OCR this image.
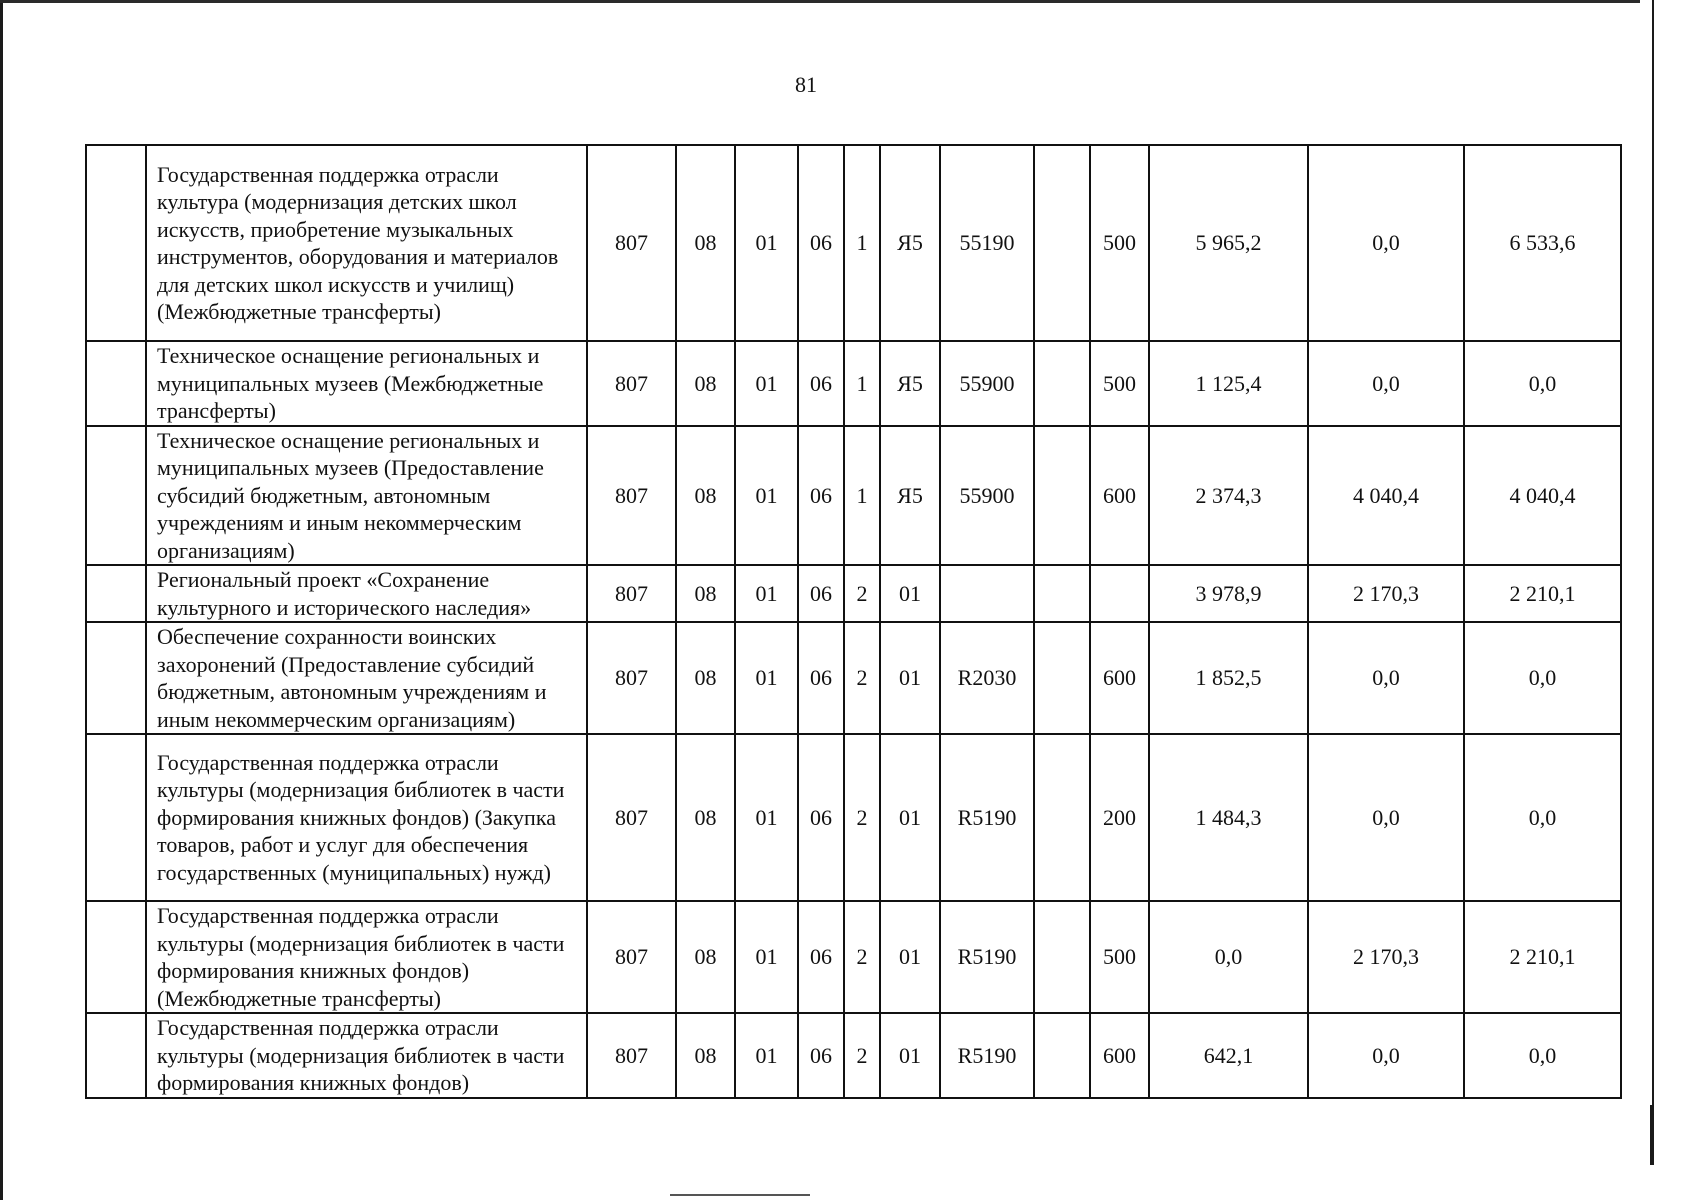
81
	Государственная поддержка отрасли культура (модернизация детских школ искусств, приобретение музыкальных инструментов, оборудования и материалов для детских школ искусств и училищ) (Межбюджетные трансферты)	807	08	01	06	1	Я5	55190		500	5 965,2	0,0	6 533,6
	Техническое оснащение региональных и муниципальных музеев (Межбюджетные трансферты)	807	08	01	06	1	Я5	55900		500	1 125,4	0,0	0,0
	Техническое оснащение региональных и муниципальных музеев (Предоставление субсидий бюджетным, автономным учреждениям и иным некоммерческим организациям)	807	08	01	06	1	Я5	55900		600	2 374,3	4 040,4	4 040,4
	Региональный проект «Сохранение культурного и исторического наследия»	807	08	01	06	2	01				3 978,9	2 170,3	2 210,1
	Обеспечение сохранности воинских захоронений (Предоставление субсидий бюджетным, автономным учреждениям и иным некоммерческим организациям)	807	08	01	06	2	01	R2030		600	1 852,5	0,0	0,0
	Государственная поддержка отрасли культуры (модернизация библиотек в части формирования книжных фондов) (Закупка товаров, работ и услуг для обеспечения государственных (муниципальных) нужд)	807	08	01	06	2	01	R5190		200	1 484,3	0,0	0,0
	Государственная поддержка отрасли культуры (модернизация библиотек в части формирования книжных фондов) (Межбюджетные трансферты)	807	08	01	06	2	01	R5190		500	0,0	2 170,3	2 210,1
	Государственная поддержка отрасли культуры (модернизация библиотек в части формирования книжных фондов)	807	08	01	06	2	01	R5190		600	642,1	0,0	0,0
